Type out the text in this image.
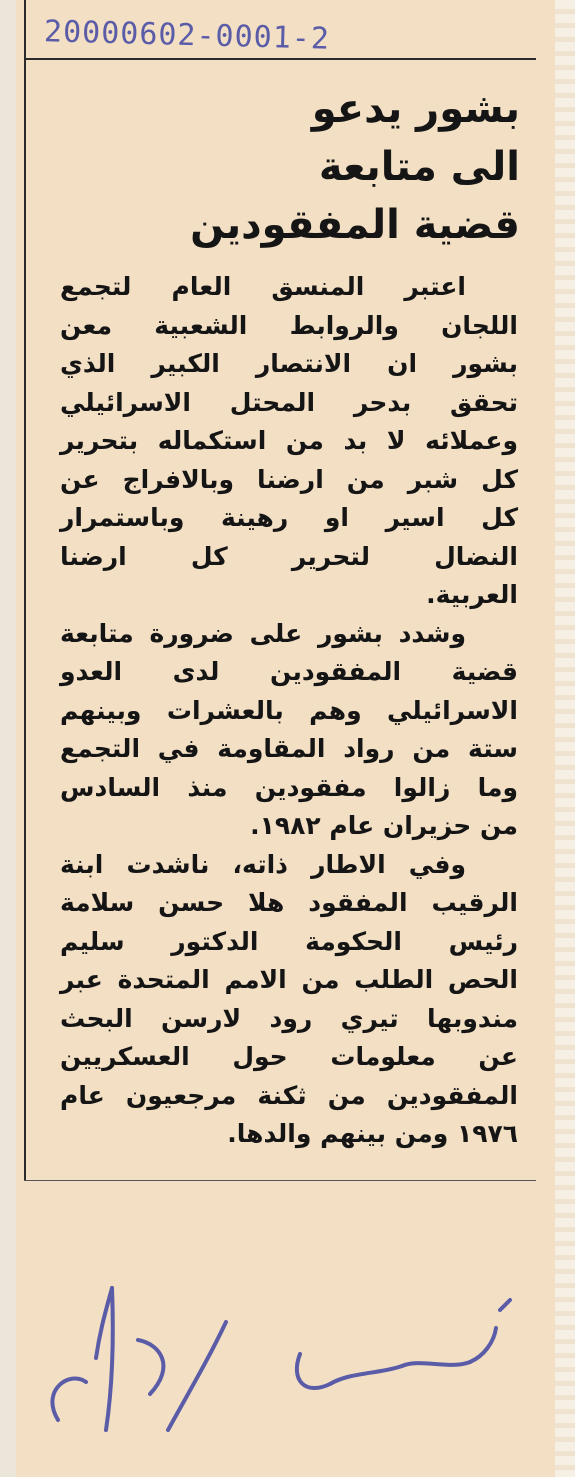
20000602-0001-2
بشور يدعو
الى متابعة
قضية المفقودين
اعتبر المنسق العام لتجمع
اللجان والروابط الشعبية معن
بشور ان الانتصار الكبير الذي
تحقق بدحر المحتل الاسرائيلي
وعملائه لا بد من استكماله بتحرير
كل شبر من ارضنا وبالافراج عن
كل اسير او رهينة وباستمرار
النضال لتحرير كل ارضنا
العربية.
وشدد بشور على ضرورة متابعة
قضية المفقودين لدى العدو
الاسرائيلي وهم بالعشرات وبينهم
ستة من رواد المقاومة في التجمع
وما زالوا مفقودين منذ السادس
من حزيران عام ١٩٨٢.
وفي الاطار ذاته، ناشدت ابنة
الرقيب المفقود هلا حسن سلامة
رئيس الحكومة الدكتور سليم
الحص الطلب من الامم المتحدة عبر
مندوبها تيري رود لارسن البحث
عن معلومات حول العسكريين
المفقودين من ثكنة مرجعيون عام
١٩٧٦ ومن بينهم والدها.
